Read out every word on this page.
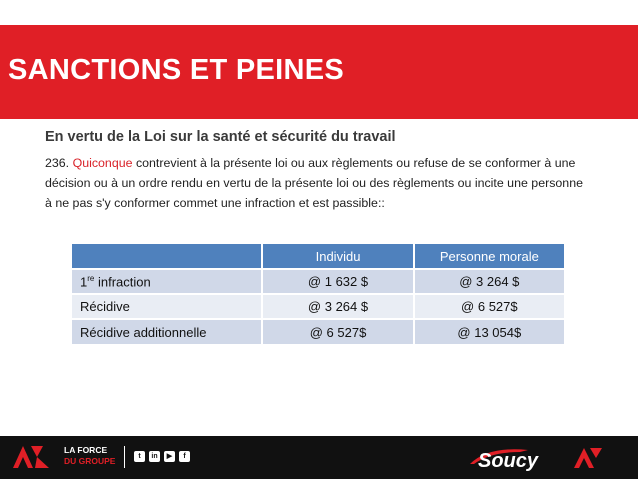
SANCTIONS ET PEINES
En vertu de la Loi sur la santé et sécurité du travail
236. Quiconque contrevient à la présente loi ou aux règlements ou refuse de se conformer à une décision ou à un ordre rendu en vertu de la présente loi ou des règlements ou incite une personne à ne pas s'y conformer commet une infraction et est passible::
	Individu	Personne morale
1re infraction	@ 1 632 $	@ 3 264 $
Récidive	@ 3 264 $	@ 6 527$
Récidive additionnelle	@ 6 527$	@ 13 054$
LA FORCE
DU GROUPE	t	in	▶	f	Soucy
